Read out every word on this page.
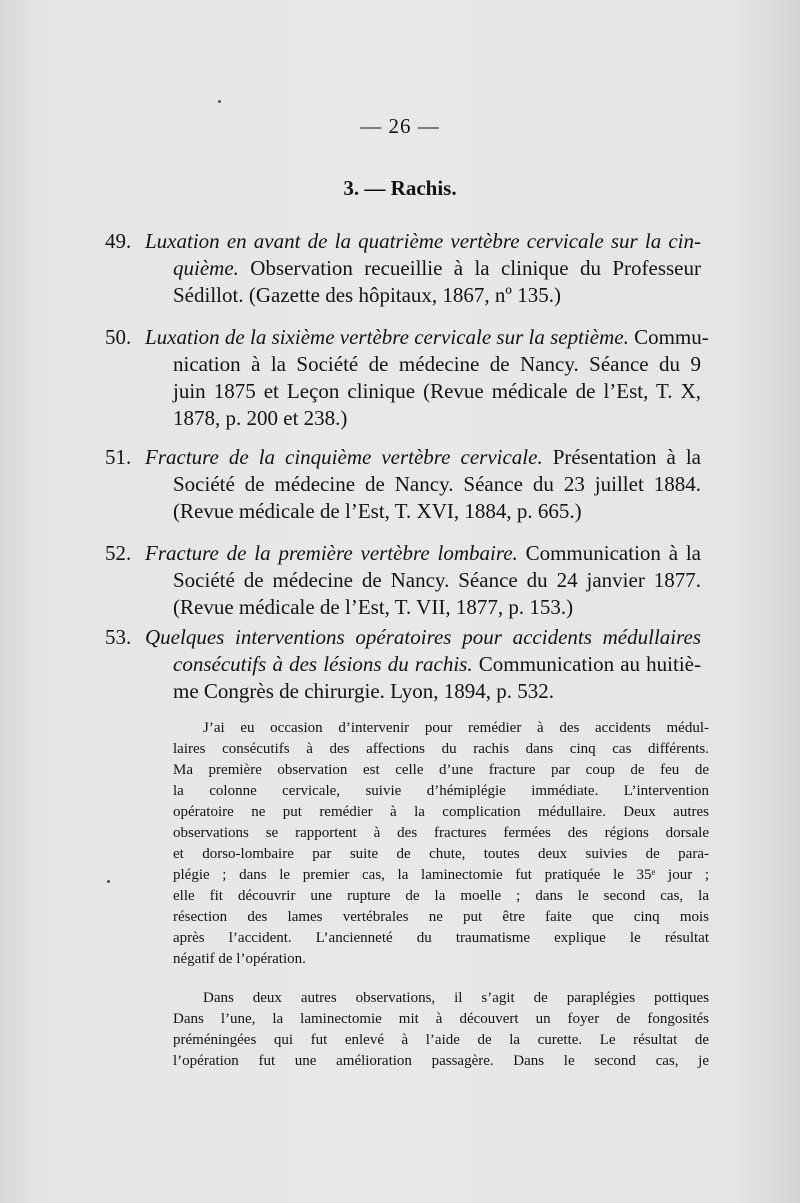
— 26 —
3. — Rachis.
49. Luxation en avant de la quatrième vertèbre cervicale sur la cin-
quième. Observation recueillie à la clinique du Professeur
Sédillot. (Gazette des hôpitaux, 1867, nº 135.)
50. Luxation de la sixième vertèbre cervicale sur la septième. Commu-
nication à la Société de médecine de Nancy. Séance du 9
juin 1875 et Leçon clinique (Revue médicale de l’Est, T. X,
1878, p. 200 et 238.)
51. Fracture de la cinquième vertèbre cervicale. Présentation à la
Société de médecine de Nancy. Séance du 23 juillet 1884.
(Revue médicale de l’Est, T. XVI, 1884, p. 665.)
52. Fracture de la première vertèbre lombaire. Communication à la
Société de médecine de Nancy. Séance du 24 janvier 1877.
(Revue médicale de l’Est, T. VII, 1877, p. 153.)
53. Quelques interventions opératoires pour accidents médullaires
consécutifs à des lésions du rachis. Communication au huitiè-
me Congrès de chirurgie. Lyon, 1894, p. 532.
J’ai eu occasion d’intervenir pour remédier à des accidents médul-
laires consécutifs à des affections du rachis dans cinq cas différents.
Ma première observation est celle d’une fracture par coup de feu de
la colonne cervicale, suivie d’hémiplégie immédiate. L’intervention
opératoire ne put remédier à la complication médullaire. Deux autres
observations se rapportent à des fractures fermées des régions dorsale
et dorso-lombaire par suite de chute, toutes deux suivies de para-
plégie ; dans le premier cas, la laminectomie fut pratiquée le 35ᵉ jour ;
elle fit découvrir une rupture de la moelle ; dans le second cas, la
résection des lames vertébrales ne put être faite que cinq mois
après l’accident. L’ancienneté du traumatisme explique le résultat
négatif de l’opération.
Dans deux autres observations, il s’agit de paraplégies pottiques
Dans l’une, la laminectomie mit à découvert un foyer de fongosités
préméningées qui fut enlevé à l’aide de la curette. Le résultat de
l’opération fut une amélioration passagère. Dans le second cas, je
